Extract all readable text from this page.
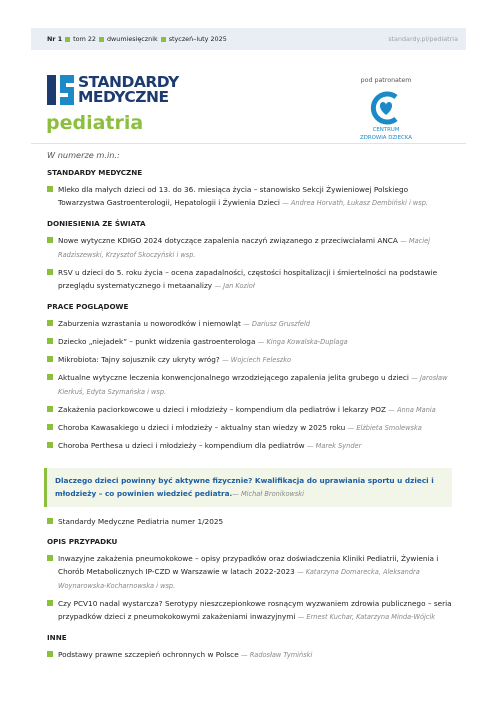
Nr 1 tom 22 dwumiesięcznik styczeń–luty 2025	standardy.pl/pediatria
STANDARDY
MEDYCZNE
pediatria
pod patronatem
CENTRUM
ZDROWIA DZIECKA
W numerze m.in.:
STANDARDY MEDYCZNE
Mleko dla małych dzieci od 13. do 36. miesiąca życia – stanowisko Sekcji Żywieniowej Polskiego Towarzystwa Gastroenterologii, Hepatologii i Żywienia Dzieci — Andrea Horvath, Łukasz Dembiński i wsp.
DONIESIENIA ZE ŚWIATA
Nowe wytyczne KDIGO 2024 dotyczące zapalenia naczyń związanego z przeciwciałami ANCA — Maciej Radziszewski, Krzysztof Skoczyński i wsp.
RSV u dzieci do 5. roku życia – ocena zapadalności, częstości hospitalizacji i śmiertelności na podstawie przeglądu systematycznego i metaanalizy — Jan Kozioł
PRACE POGLĄDOWE
Zaburzenia wzrastania u noworodków i niemowląt — Dariusz Gruszfeld
Dziecko „niejadek” – punkt widzenia gastroenterologa — Kinga Kowalska-Duplaga
Mikrobiota: Tajny sojusznik czy ukryty wróg? — Wojciech Feleszko
Aktualne wytyczne leczenia konwencjonalnego wrzodziejącego zapalenia jelita grubego u dzieci — Jarosław Kierkuś, Edyta Szymańska i wsp.
Zakażenia paciorkowcowe u dzieci i młodzieży – kompendium dla pediatrów i lekarzy POZ — Anna Mania
Choroba Kawasakiego u dzieci i młodzieży – aktualny stan wiedzy w 2025 roku — Elżbieta Smolewska
Choroba Perthesa u dzieci i młodzieży – kompendium dla pediatrów — Marek Synder
Dlaczego dzieci powinny być aktywne fizycznie? Kwalifikacja do uprawiania sportu u dzieci i młodzieży – co powinien wiedzieć pediatra.— Michał Bronikowski
Standardy Medyczne Pediatria numer 1/2025
OPIS PRZYPADKU
Inwazyjne zakażenia pneumokokowe – opisy przypadków oraz doświadczenia Kliniki Pediatrii, Żywienia i Chorób Metabolicznych IP-CZD w Warszawie w latach 2022-2023 — Katarzyna Domarecka, Aleksandra Woynarowska-Kocharnowska i wsp.
Czy PCV10 nadal wystarcza? Serotypy nieszczepionkowe rosnącym wyzwaniem zdrowia publicznego – seria przypadków dzieci z pneumokokowymi zakażeniami inwazyjnymi — Ernest Kuchar, Katarzyna Minda-Wójcik
INNE
Podstawy prawne szczepień ochronnych w Polsce — Radosław Tymiński
